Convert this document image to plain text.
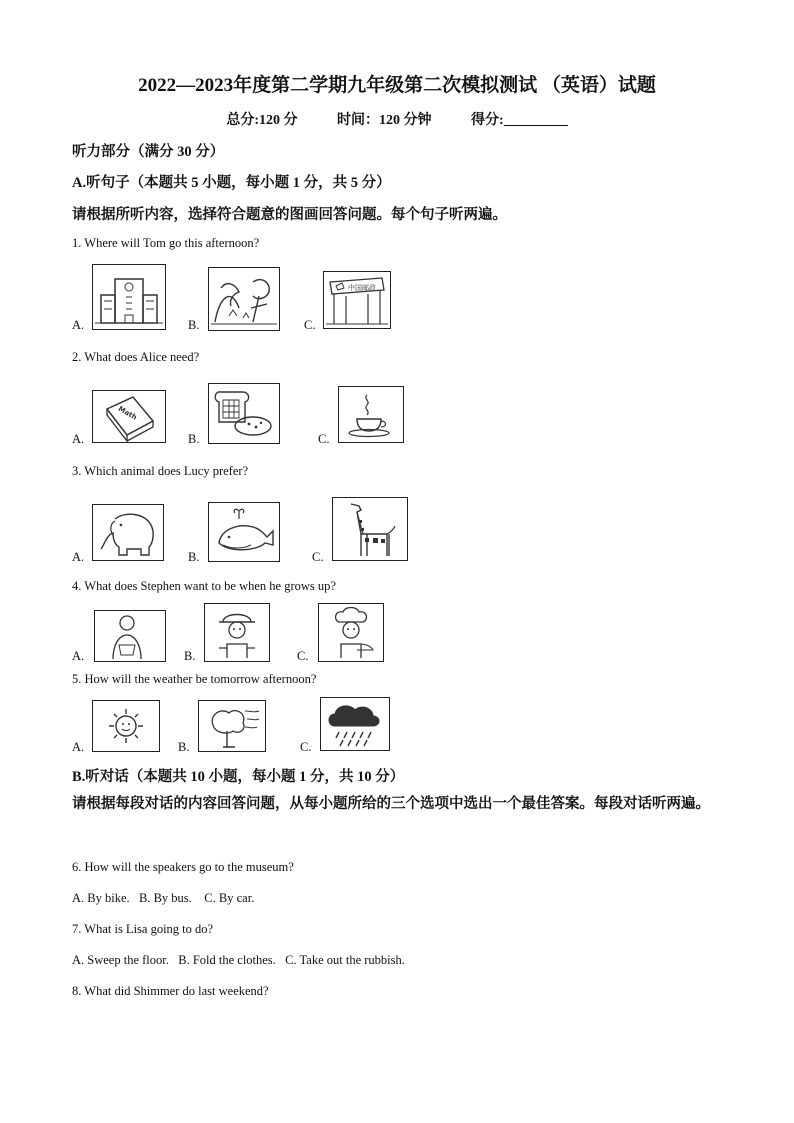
2022—2023年度第二学期九年级第二次模拟测试 （英语）试题
总分:120 分	时间：120 分钟	得分:
听力部分（满分 30 分）
A.听句子（本题共 5 小题，每小题 1 分，共 5 分）
请根据所听内容，选择符合题意的图画回答问题。每个句子听两遍。
1. Where will Tom go this afternoon?
A.	B.	C.
中国邮政
2. What does Alice need?
A.
Math
B.	C.
3. Which animal does Lucy prefer?
A.	B.	C.
4. What does Stephen want to be when he grows up?
A.	B.	C.
5. How will the weather be tomorrow afternoon?
A.	B.	C.
B.听对话（本题共 10 小题，每小题 1 分，共 10 分）
请根据每段对话的内容回答问题，从每小题所给的三个选项中选出一个最佳答案。每段对话听两遍。
6. How will the speakers go to the museum?
A. By bike.   B. By bus.    C. By car.
7. What is Lisa going to do?
A. Sweep the floor.   B. Fold the clothes.   C. Take out the rubbish.
8. What did Shimmer do last weekend?
